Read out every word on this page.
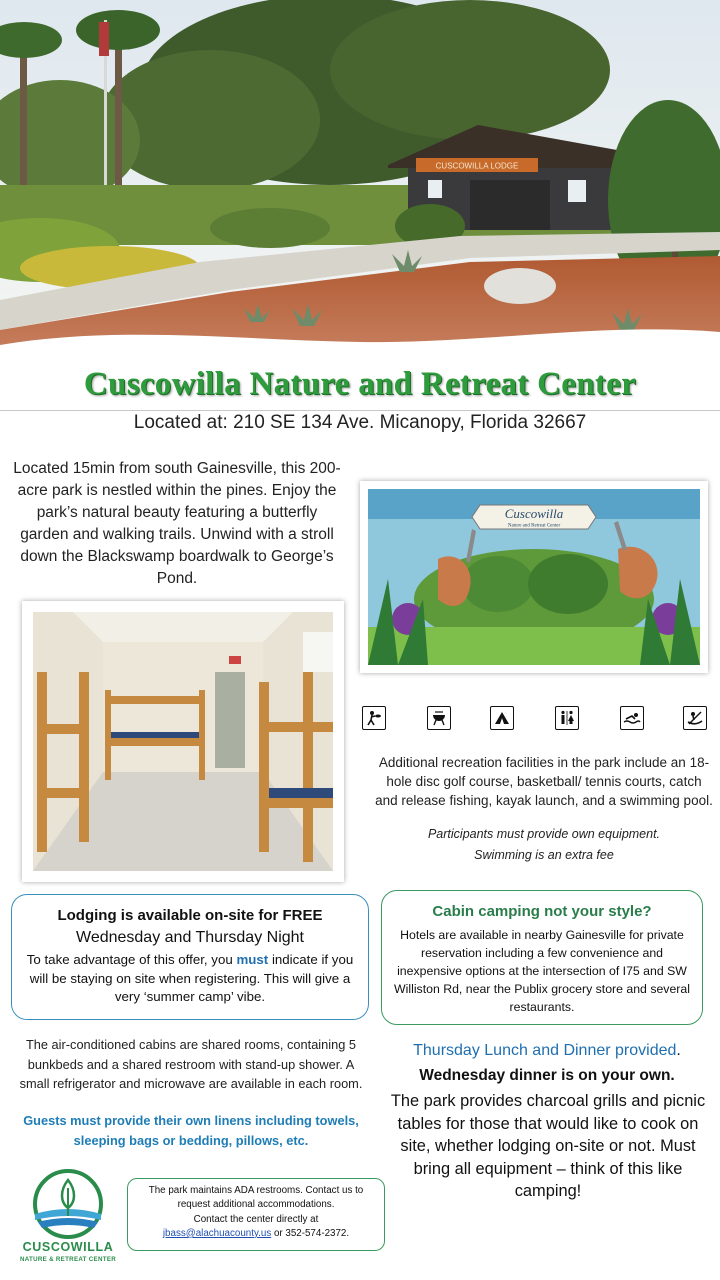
CUSCOWILLA LODGE
Cuscowilla Nature and Retreat Center
Located at: 210 SE 134 Ave. Micanopy, Florida 32667
Located 15min from south Gainesville, this 200-acre park is nestled within the pines. Enjoy the park’s natural beauty featuring a butterfly garden and walking trails. Unwind with a stroll down the Blackswamp boardwalk to George’s Pond.
Cuscowilla
Nature and Retreat Center
Additional recreation facilities in the park include an 18-hole disc golf course, basketball/ tennis courts, catch and release fishing, kayak launch, and a swimming pool.
Participants must provide own equipment.
Swimming is an extra fee
Lodging is available on-site for FREE
Wednesday and Thursday Night
To take advantage of this offer, you must indicate if you will be staying on site when registering. This will give a very ‘summer camp’ vibe.
Cabin camping not your style?
Hotels are available in nearby Gainesville for private reservation including a few convenience and inexpensive options at the intersection of I75 and SW Williston Rd, near the Publix grocery store and several restaurants.
The air-conditioned cabins are shared rooms, containing 5 bunkbeds and a shared restroom with stand-up shower. A small refrigerator and microwave are available in each room.
Guests must provide their own linens including towels, sleeping bags or bedding, pillows, etc.
Thursday Lunch and Dinner provided.
Wednesday dinner is on your own.
The park provides charcoal grills and picnic tables for those that would like to cook on site, whether lodging on-site or not. Must bring all equipment – think of this like camping!
CUSCOWILLA
NATURE & RETREAT CENTER
The park maintains ADA restrooms. Contact us to request additional accommodations.
Contact the center directly at
jbass@alachuacounty.us or 352-574-2372.
